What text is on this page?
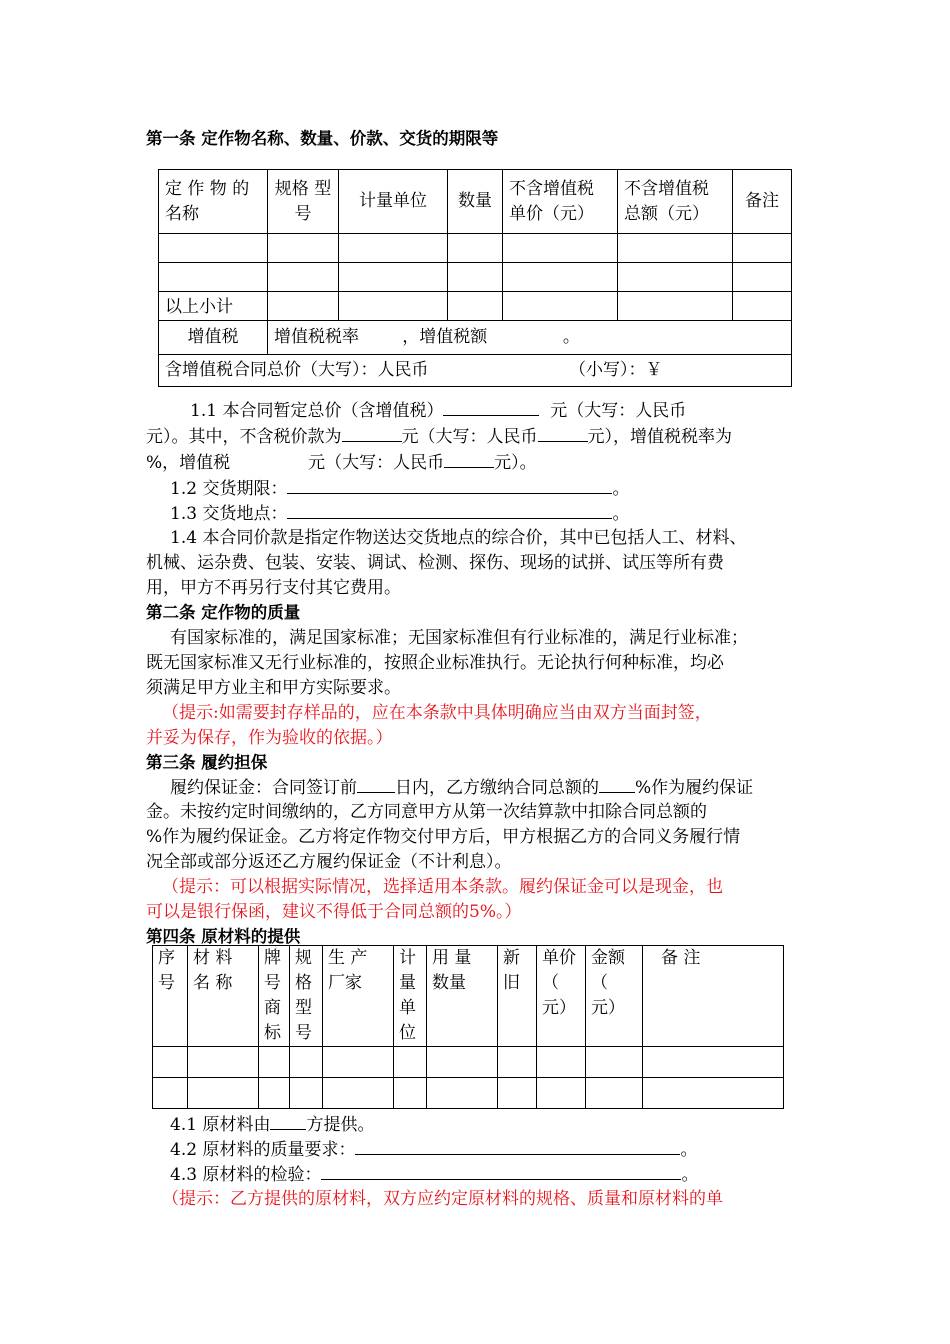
第一条 定作物名称、数量、价款、交货的期限等
定 作 物 的 名称	规格 型号	计量单位	数量	不含增值税 单价（元）	不含增值税 总额（元）	备注

以上小计						
增值税	增值税税率        ，增值税额              。					
含增值税合同总价（大写）：人民币                          （小写）：￥						
1.1 本合同暂定总价（含增值税）	元（大写：人民币
元）。其中，不含税价款为	元（大写：人民币	元），增值税税率为
%，增值税	元（大写：人民币	元）。
1.2 交货期限：	。
1.3 交货地点：	。
1.4 本合同价款是指定作物送达交货地点的综合价，其中已包括人工、材料、
机械、运杂费、包装、安装、调试、检测、探伤、现场的试拼、试压等所有费
用，甲方不再另行支付其它费用。
第二条 定作物的质量
有国家标准的，满足国家标准；无国家标准但有行业标准的，满足行业标准；
既无国家标准又无行业标准的，按照企业标准执行。无论执行何种标准，均必
须满足甲方业主和甲方实际要求。
（提示:如需要封存样品的，应在本条款中具体明确应当由双方当面封签，
并妥为保存，作为验收的依据。）
第三条 履约担保
履约保证金：合同签订前 日内，乙方缴纳合同总额的 %作为履约保证
金。未按约定时间缴纳的，乙方同意甲方从第一次结算款中扣除合同总额的
%作为履约保证金。乙方将定作物交付甲方后，甲方根据乙方的合同义务履行情
况全部或部分返还乙方履约保证金（不计利息）。
（提示：可以根据实际情况，选择适用本条款。履约保证金可以是现金，也
可以是银行保函，建议不得低于合同总额的5%。）
第四条 原材料的提供
序号	材 料 名 称	牌号商标	规格型号	生 产 厂家	计量单位	用 量 数量	新旧	单价 （ 元）	金额 （ 元）	备 注

4.1 原材料由 方提供。
4.2 原材料的质量要求：	。
4.3 原材料的检验：	。
（提示：乙方提供的原材料，双方应约定原材料的规格、质量和原材料的单
